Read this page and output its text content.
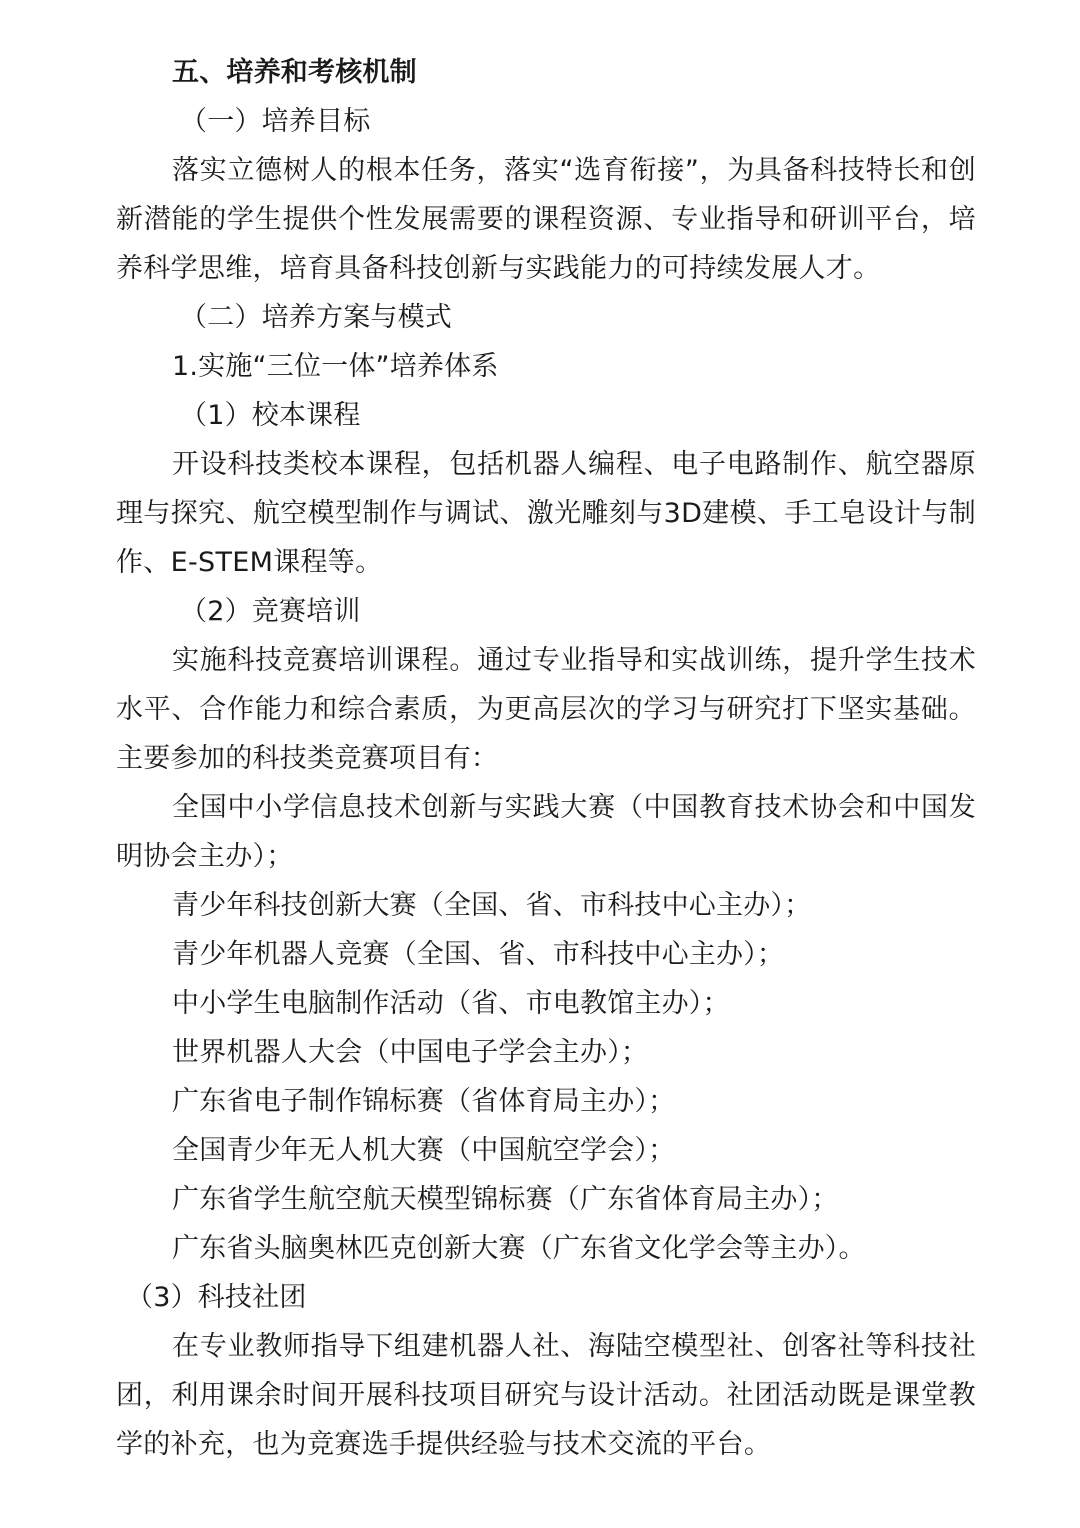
五、培养和考核机制
（一）培养目标

落实立德树人的根本任务，落实“选育衔接”，为具备科技特长和创新潜能的学生提供个性发展需要的课程资源、专业指导和研训平台，培养科学思维，培育具备科技创新与实践能力的可持续发展人才。

（二）培养方案与模式
1.实施“三位一体”培养体系
（1）校本课程

开设科技类校本课程，包括机器人编程、电子电路制作、航空器原理与探究、航空模型制作与调试、激光雕刻与3D建模、手工皂设计与制作、E-STEM课程等。

（2）竞赛培训

实施科技竞赛培训课程。通过专业指导和实战训练，提升学生技术水平、合作能力和综合素质，为更高层次的学习与研究打下坚实基础。主要参加的科技类竞赛项目有：

全国中小学信息技术创新与实践大赛（中国教育技术协会和中国发明协会主办）；

青少年科技创新大赛（全国、省、市科技中心主办）；
青少年机器人竞赛（全国、省、市科技中心主办）；
中小学生电脑制作活动（省、市电教馆主办）；
世界机器人大会（中国电子学会主办）；
广东省电子制作锦标赛（省体育局主办）；
全国青少年无人机大赛（中国航空学会）；
广东省学生航空航天模型锦标赛（广东省体育局主办）；
广东省头脑奥林匹克创新大赛（广东省文化学会等主办）。
（3）科技社团

在专业教师指导下组建机器人社、海陆空模型社、创客社等科技社团，利用课余时间开展科技项目研究与设计活动。社团活动既是课堂教学的补充，也为竞赛选手提供经验与技术交流的平台。
